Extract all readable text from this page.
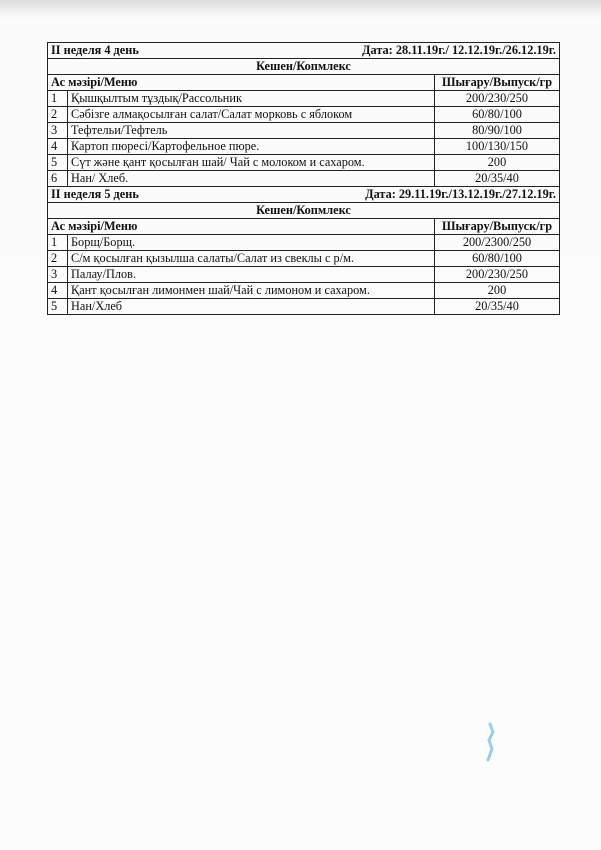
II неделя 4 день Дата: 28.11.19г./ 12.12.19г./26.12.19г.		

Кешен/Копмлекс		
Ас мәзірі/Меню		Шығару/Выпуск/гр
1	Қышқылтым тұздық/Рассольник	200/230/250
2	Сәбізге алмақосылған салат/Салат морковь с яблоком	60/80/100
3	Тефтельи/Тефтель	80/90/100
4	Картоп пюресі/Картофельное пюре.	100/130/150
5	Сүт және қант қосылған шай/ Чай с молоком и сахаром.	200
6	Нан/ Хлеб.	20/35/40
II неделя 5 день Дата: 29.11.19г./13.12.19г./27.12.19г.		

Кешен/Копмлекс		
Ас мәзірі/Меню		Шығару/Выпуск/гр
1	Борщ/Борщ.	200/2300/250
2	С/м қосылған қызылша салаты/Салат из свеклы с р/м.	60/80/100
3	Палау/Плов.	200/230/250
4	Қант қосылған лимонмен шай/Чай с лимоном и сахаром.	200
5	Нан/Хлеб	20/35/40
